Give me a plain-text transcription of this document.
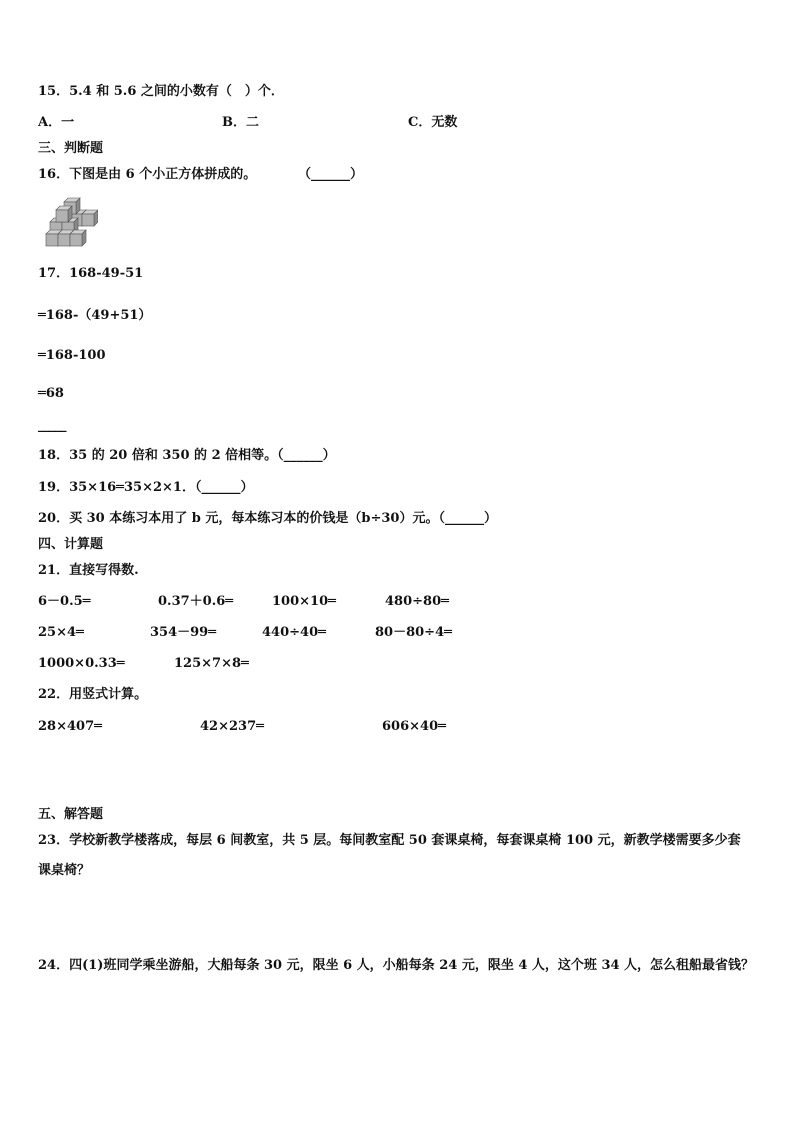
15．5.4 和 5.6 之间的小数有（　）个．
A．一	B．二	C．无数
三、判断题
16．下图是由 6 个小正方体拼成的。	（______）
17．168-49-51
═168-（49+51）
═168-100
═68
_____
18．35 的 20 倍和 350 的 2 倍相等。（______）
19．35×16═35×2×1．（______）
20．买 30 本练习本用了 b 元，每本练习本的价钱是（b÷30）元。（______）
四、计算题
21．直接写得数.
6－0.5═	0.37＋0.6═	100×10═	480÷80═
25×4═	354－99═	440÷40═	80－80÷4═
1000×0.33═	125×7×8═
22．用竖式计算。
28×407═	42×237═	606×40═
五、解答题
23．学校新教学楼落成，每层 6 间教室，共 5 层。每间教室配 50 套课桌椅，每套课桌椅 100 元，新教学楼需要多少套
课桌椅？
24．四(1)班同学乘坐游船，大船每条 30 元，限坐 6 人，小船每条 24 元，限坐 4 人，这个班 34 人，怎么租船最省钱？
